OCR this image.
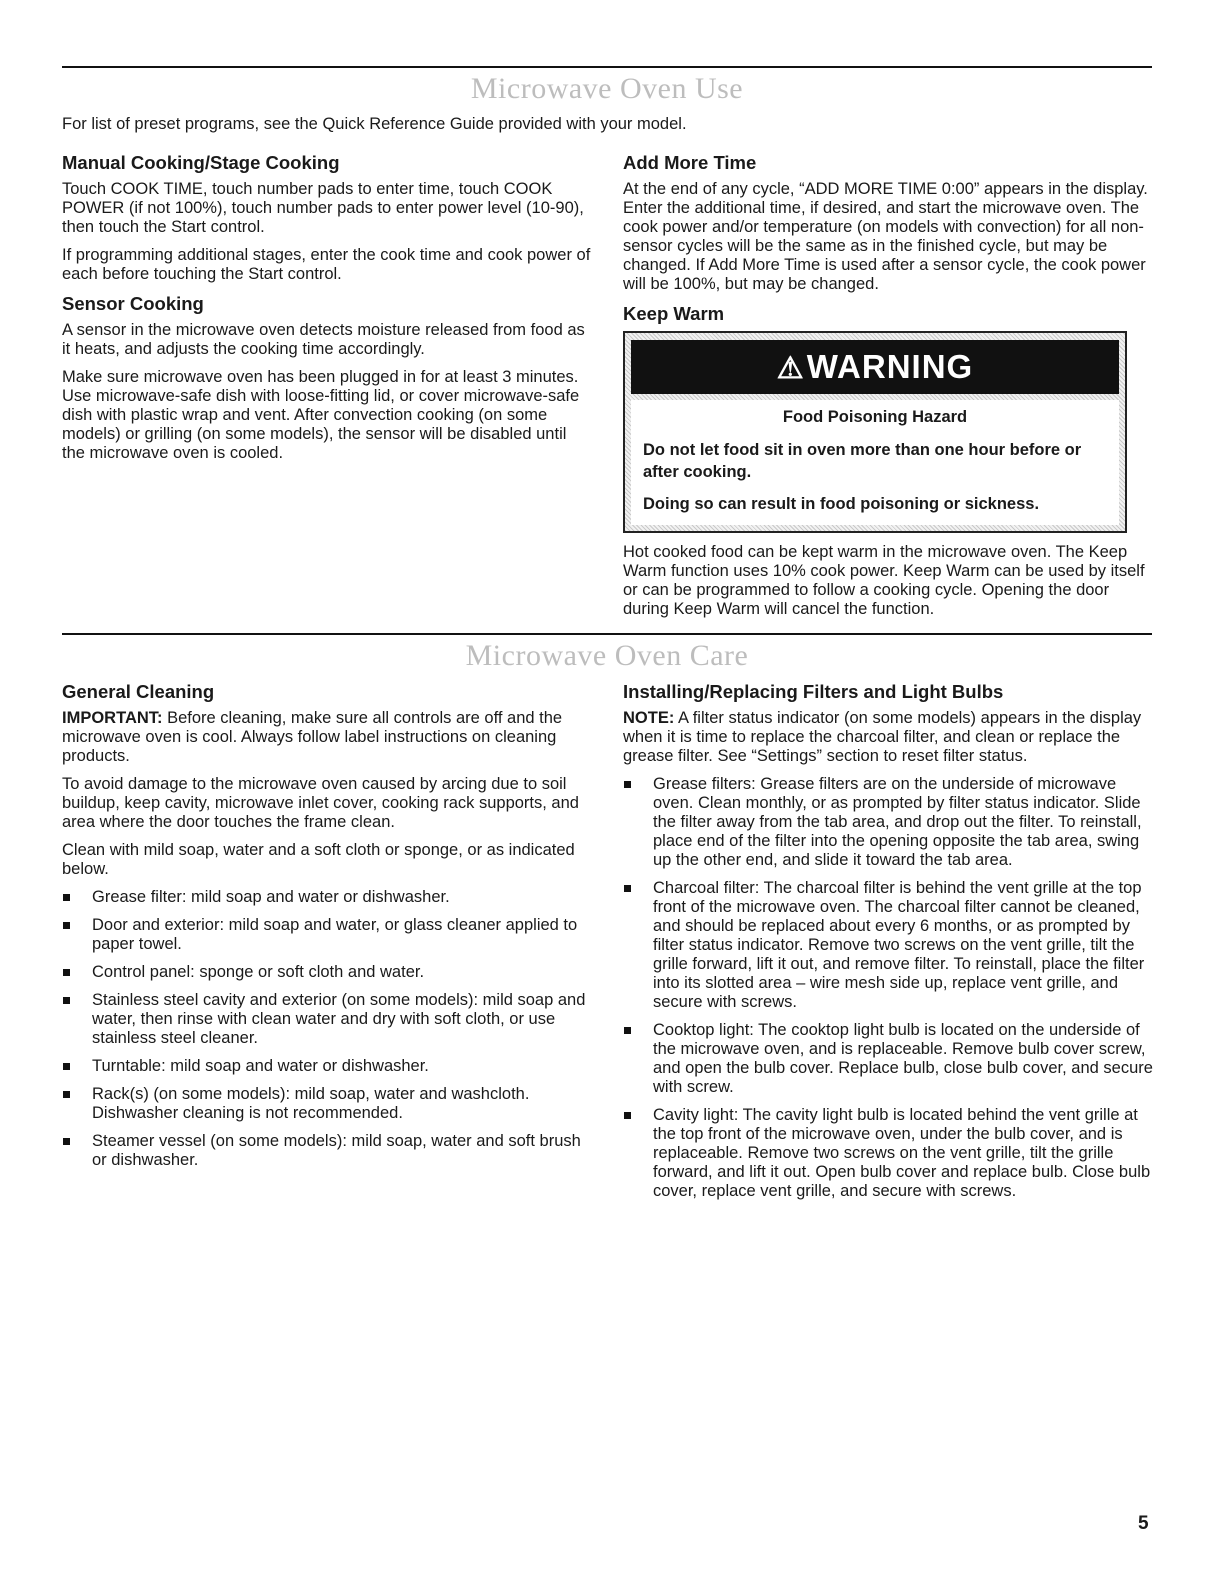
Microwave Oven Use

For list of preset programs, see the Quick Reference Guide provided with your model.

Manual Cooking/Stage Cooking

Touch COOK TIME, touch number pads to enter time, touch COOK POWER (if not 100%), touch number pads to enter power level (10-90), then touch the Start control.

If programming additional stages, enter the cook time and cook power of each before touching the Start control.

Sensor Cooking

A sensor in the microwave oven detects moisture released from food as it heats, and adjusts the cooking time accordingly.

Make sure microwave oven has been plugged in for at least 3 minutes. Use microwave-safe dish with loose-fitting lid, or cover microwave-safe dish with plastic wrap and vent. After convection cooking (on some models) or grilling (on some models), the sensor will be disabled until the microwave oven is cooled.

Add More Time

At the end of any cycle, “ADD MORE TIME 0:00” appears in the display. Enter the additional time, if desired, and start the microwave oven. The cook power and/or temperature (on models with convection) for all non-sensor cycles will be the same as in the finished cycle, but may be changed. If Add More Time is used after a sensor cycle, the cook power will be 100%, but may be changed.

Keep Warm
⚠WARNING

Food Poisoning Hazard

Do not let food sit in oven more than one hour before or after cooking.

Doing so can result in food poisoning or sickness.

Hot cooked food can be kept warm in the microwave oven. The Keep Warm function uses 10% cook power. Keep Warm can be used by itself or can be programmed to follow a cooking cycle. Opening the door during Keep Warm will cancel the function.

Microwave Oven Care
General Cleaning

IMPORTANT: Before cleaning, make sure all controls are off and the microwave oven is cool. Always follow label instructions on cleaning products.

To avoid damage to the microwave oven caused by arcing due to soil buildup, keep cavity, microwave inlet cover, cooking rack supports, and area where the door touches the frame clean.

Clean with mild soap, water and a soft cloth or sponge, or as indicated below.

Grease filter: mild soap and water or dishwasher.
Door and exterior: mild soap and water, or glass cleaner applied to paper towel.
Control panel: sponge or soft cloth and water.
Stainless steel cavity and exterior (on some models): mild soap and water, then rinse with clean water and dry with soft cloth, or use stainless steel cleaner.
Turntable: mild soap and water or dishwasher.
Rack(s) (on some models): mild soap, water and washcloth. Dishwasher cleaning is not recommended.
Steamer vessel (on some models): mild soap, water and soft brush or dishwasher.
Installing/Replacing Filters and Light Bulbs

NOTE: A filter status indicator (on some models) appears in the display when it is time to replace the charcoal filter, and clean or replace the grease filter. See “Settings” section to reset filter status.

Grease filters: Grease filters are on the underside of microwave oven. Clean monthly, or as prompted by filter status indicator. Slide the filter away from the tab area, and drop out the filter. To reinstall, place end of the filter into the opening opposite the tab area, swing up the other end, and slide it toward the tab area.
Charcoal filter: The charcoal filter is behind the vent grille at the top front of the microwave oven. The charcoal filter cannot be cleaned, and should be replaced about every 6 months, or as prompted by filter status indicator. Remove two screws on the vent grille, tilt the grille forward, lift it out, and remove filter. To reinstall, place the filter into its slotted area – wire mesh side up, replace vent grille, and secure with screws.
Cooktop light: The cooktop light bulb is located on the underside of the microwave oven, and is replaceable. Remove bulb cover screw, and open the bulb cover. Replace bulb, close bulb cover, and secure with screw.
Cavity light: The cavity light bulb is located behind the vent grille at the top front of the microwave oven, under the bulb cover, and is replaceable. Remove two screws on the vent grille, tilt the grille forward, and lift it out. Open bulb cover and replace bulb. Close bulb cover, replace vent grille, and secure with screws.

5
